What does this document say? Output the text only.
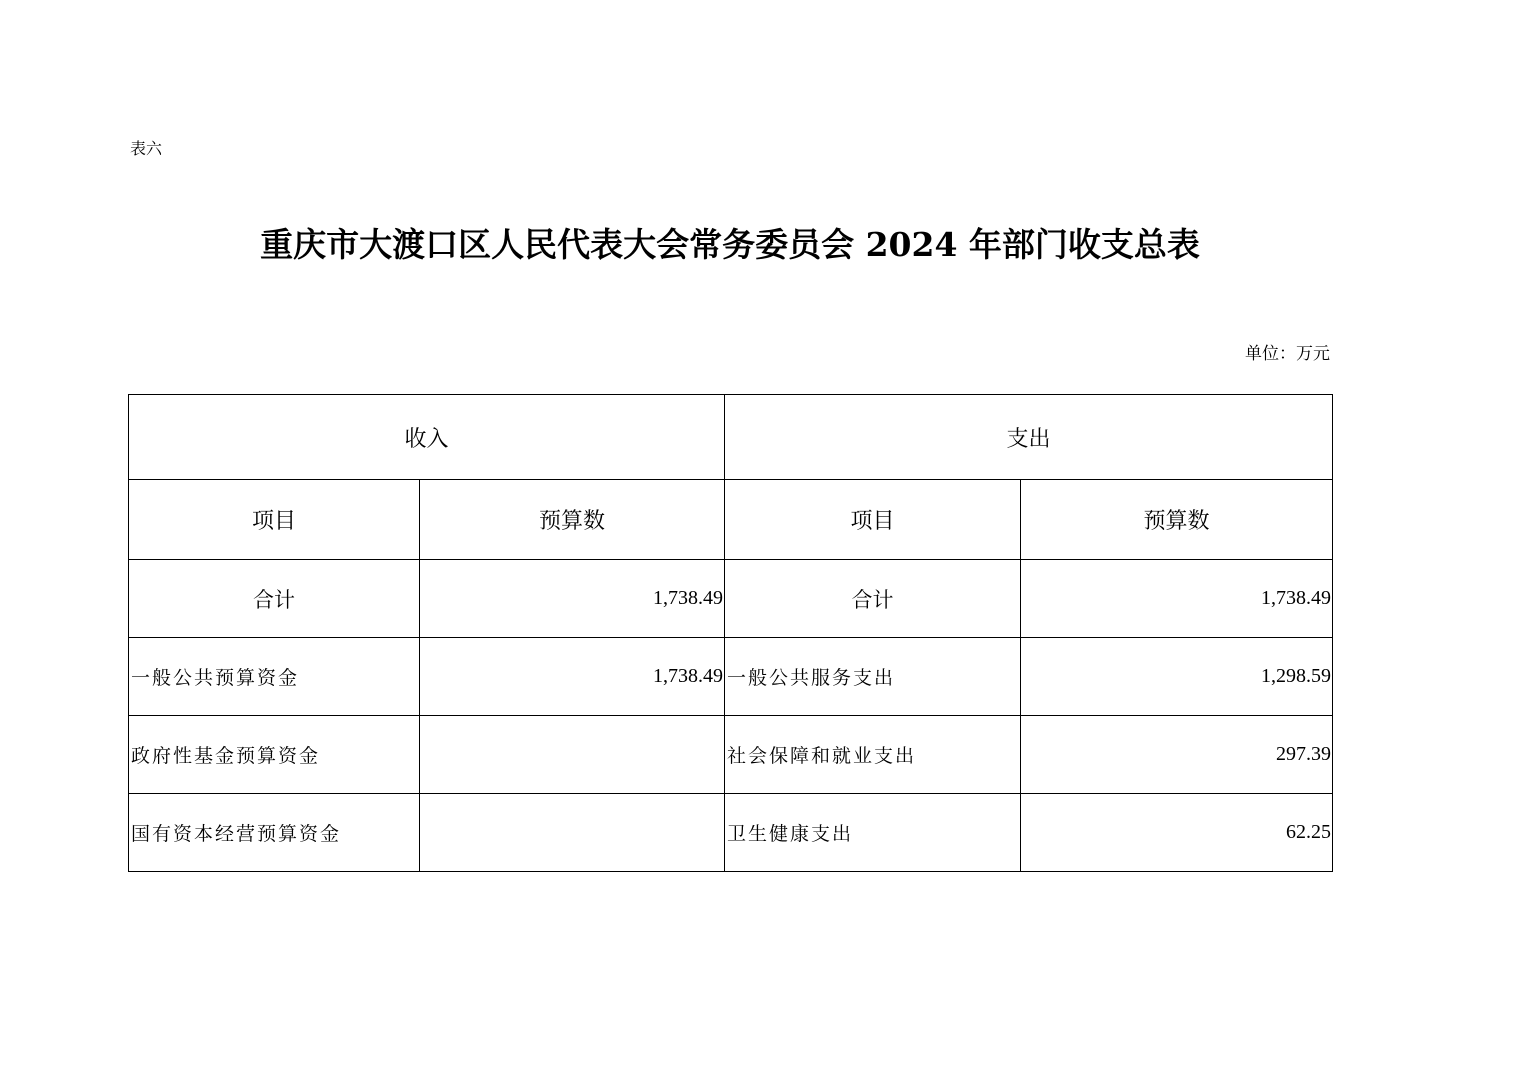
表六
重庆市大渡口区人民代表大会常务委员会 2024 年部门收支总表
单位：万元
收入		支出	
项目	预算数	项目	预算数
合计	1,738.49	合计	1,738.49
一般公共预算资金	1,738.49	一般公共服务支出	1,298.59
政府性基金预算资金		社会保障和就业支出	297.39
国有资本经营预算资金		卫生健康支出	62.25
